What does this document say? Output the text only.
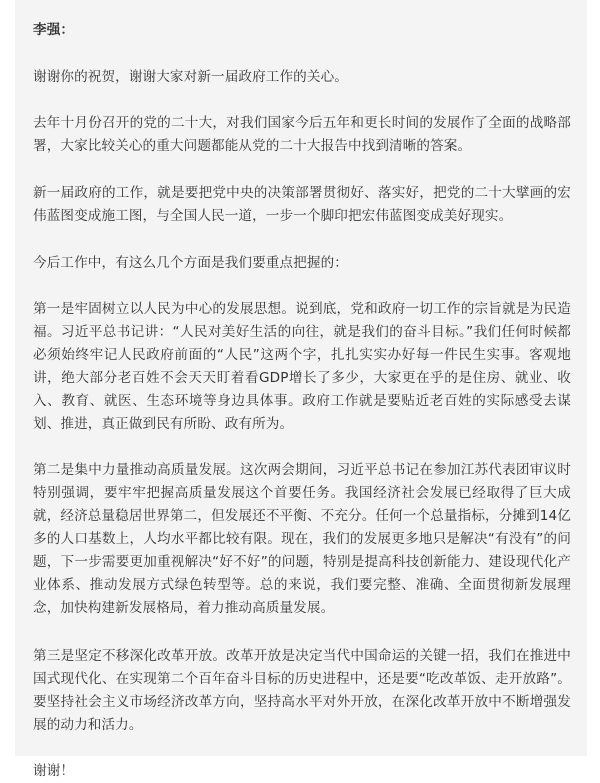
李强：

谢谢你的祝贺，谢谢大家对新一届政府工作的关心。

去年十月份召开的党的二十大，对我们国家今后五年和更长时间的发展作了全面的战略部署，大家比较关心的重大问题都能从党的二十大报告中找到清晰的答案。

新一届政府的工作，就是要把党中央的决策部署贯彻好、落实好，把党的二十大擘画的宏伟蓝图变成施工图，与全国人民一道，一步一个脚印把宏伟蓝图变成美好现实。

今后工作中，有这么几个方面是我们要重点把握的：

第一是牢固树立以人民为中心的发展思想。说到底，党和政府一切工作的宗旨就是为民造福。习近平总书记讲：“人民对美好生活的向往，就是我们的奋斗目标。”我们任何时候都必须始终牢记人民政府前面的“人民”这两个字，扎扎实实办好每一件民生实事。客观地讲，绝大部分老百姓不会天天盯着看GDP增长了多少，大家更在乎的是住房、就业、收入、教育、就医、生态环境等身边具体事。政府工作就是要贴近老百姓的实际感受去谋划、推进，真正做到民有所盼、政有所为。

第二是集中力量推动高质量发展。这次两会期间，习近平总书记在参加江苏代表团审议时特别强调，要牢牢把握高质量发展这个首要任务。我国经济社会发展已经取得了巨大成就，经济总量稳居世界第二，但发展还不平衡、不充分。任何一个总量指标，分摊到14亿多的人口基数上，人均水平都比较有限。现在，我们的发展更多地只是解决“有没有”的问题，下一步需要更加重视解决“好不好”的问题，特别是提高科技创新能力、建设现代化产业体系、推动发展方式绿色转型等。总的来说，我们要完整、准确、全面贯彻新发展理念，加快构建新发展格局，着力推动高质量发展。

第三是坚定不移深化改革开放。改革开放是决定当代中国命运的关键一招，我们在推进中国式现代化、在实现第二个百年奋斗目标的历史进程中，还是要“吃改革饭、走开放路”。要坚持社会主义市场经济改革方向，坚持高水平对外开放，在深化改革开放中不断增强发展的动力和活力。

谢谢！
